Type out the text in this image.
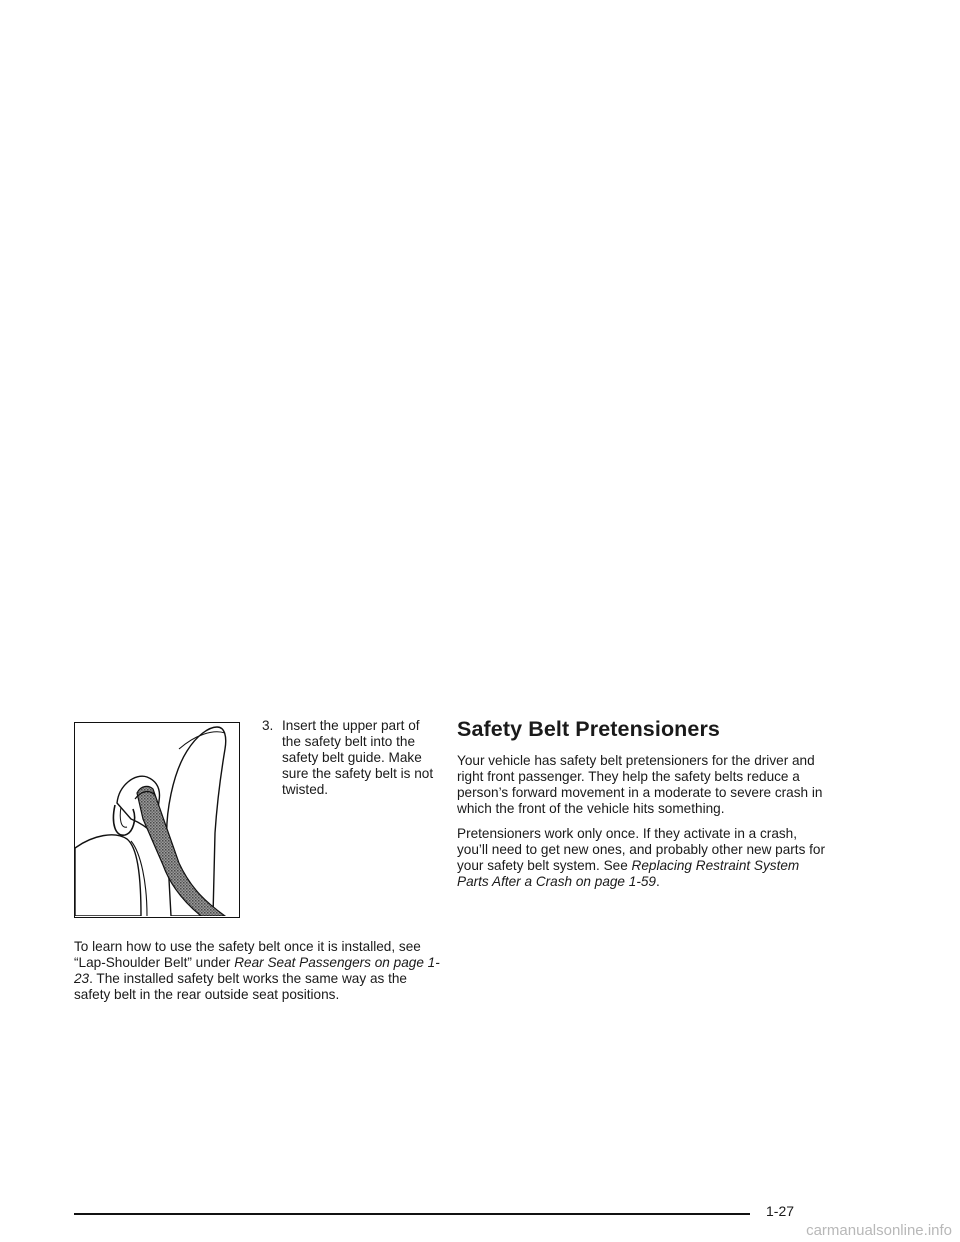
3. Insert the upper part of the safety belt into the safety belt guide. Make sure the safety belt is not twisted.

To learn how to use the safety belt once it is installed, see “Lap-Shoulder Belt” under Rear Seat Passengers on page 1-23. The installed safety belt works the same way as the safety belt in the rear outside seat positions.

Safety Belt Pretensioners

Your vehicle has safety belt pretensioners for the driver and right front passenger. They help the safety belts reduce a person’s forward movement in a moderate to severe crash in which the front of the vehicle hits something.

Pretensioners work only once. If they activate in a crash, you’ll need to get new ones, and probably other new parts for your safety belt system. See Replacing Restraint System Parts After a Crash on page 1-59.

1-27
carmanualsonline.info
